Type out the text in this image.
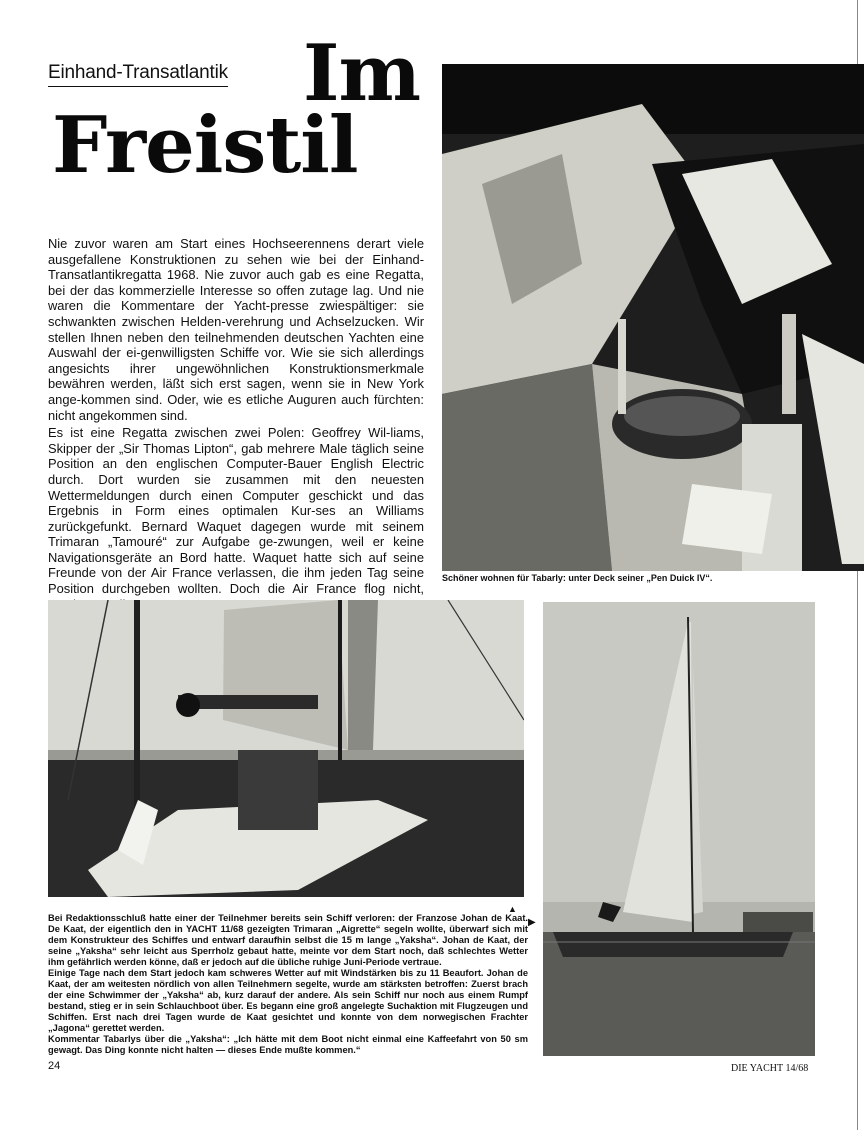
Einhand-Transatlantik Im
Freistil

Nie zuvor waren am Start eines Hochseerennens derart viele ausgefallene Konstruktionen zu sehen wie bei der Einhand-Transatlantikregatta 1968. Nie zuvor auch gab es eine Regatta, bei der das kommerzielle Interesse so offen zutage lag. Und nie waren die Kommentare der Yacht-presse zwiespältiger: sie schwankten zwischen Helden-verehrung und Achselzucken. Wir stellen Ihnen neben den teilnehmenden deutschen Yachten eine Auswahl der ei-genwilligsten Schiffe vor. Wie sie sich allerdings angesichts ihrer ungewöhnlichen Konstruktionsmerkmale bewähren werden, läßt sich erst sagen, wenn sie in New York ange-kommen sind. Oder, wie es etliche Auguren auch fürchten: nicht angekommen sind.

Es ist eine Regatta zwischen zwei Polen: Geoffrey Wil-liams, Skipper der „Sir Thomas Lipton“, gab mehrere Male täglich seine Position an den englischen Computer-Bauer English Electric durch. Dort wurden sie zusammen mit den neuesten Wettermeldungen durch einen Computer geschickt und das Ergebnis in Form eines optimalen Kur-ses an Williams zurückgefunkt. Bernard Waquet dagegen wurde mit seinem Trimaran „Tamouré“ zur Aufgabe ge-zwungen, weil er keine Navigationsgeräte an Bord hatte. Waquet hatte sich auf seine Freunde von der Air France verlassen, die ihm jeden Tag seine Position durchgeben wollten. Doch die Air France flog nicht,

Schöner wohnen für Tabarly: unter Deck seiner „Pen Duick IV“.
▲
▶

Bei Redaktionsschluß hatte einer der Teilnehmer bereits sein Schiff verloren: der Franzose Johan de Kaat. De Kaat, der eigentlich den in YACHT 11/68 gezeigten Trimaran „Aigrette“ segeln wollte, überwarf sich mit dem Konstrukteur des Schiffes und entwarf daraufhin selbst die 15 m lange „Yaksha“. Johan de Kaat, der seine „Yaksha“ sehr leicht aus Sperrholz gebaut hatte, meinte vor dem Start noch, daß schlechtes Wetter ihm gefährlich werden könne, daß er jedoch auf die übliche ruhige Juni-Periode vertraue.

Einige Tage nach dem Start jedoch kam schweres Wetter auf mit Windstärken bis zu 11 Beaufort. Johan de Kaat, der am weitesten nördlich von allen Teilnehmern segelte, wurde am stärksten betroffen: Zuerst brach der eine Schwimmer der „Yaksha“ ab, kurz darauf der andere. Als sein Schiff nur noch aus einem Rumpf bestand, stieg er in sein Schlauchboot über. Es begann eine groß angelegte Suchaktion mit Flugzeugen und Schiffen. Erst nach drei Tagen wurde de Kaat gesichtet und konnte von dem norwegischen Frachter „Jagona“ gerettet werden.

Kommentar Tabarlys über die „Yaksha“: „Ich hätte mit dem Boot nicht einmal eine Kaffeefahrt von 50 sm gewagt. Das Ding konnte nicht halten — dieses Ende mußte kommen.“

24	DIE YACHT 14/68
